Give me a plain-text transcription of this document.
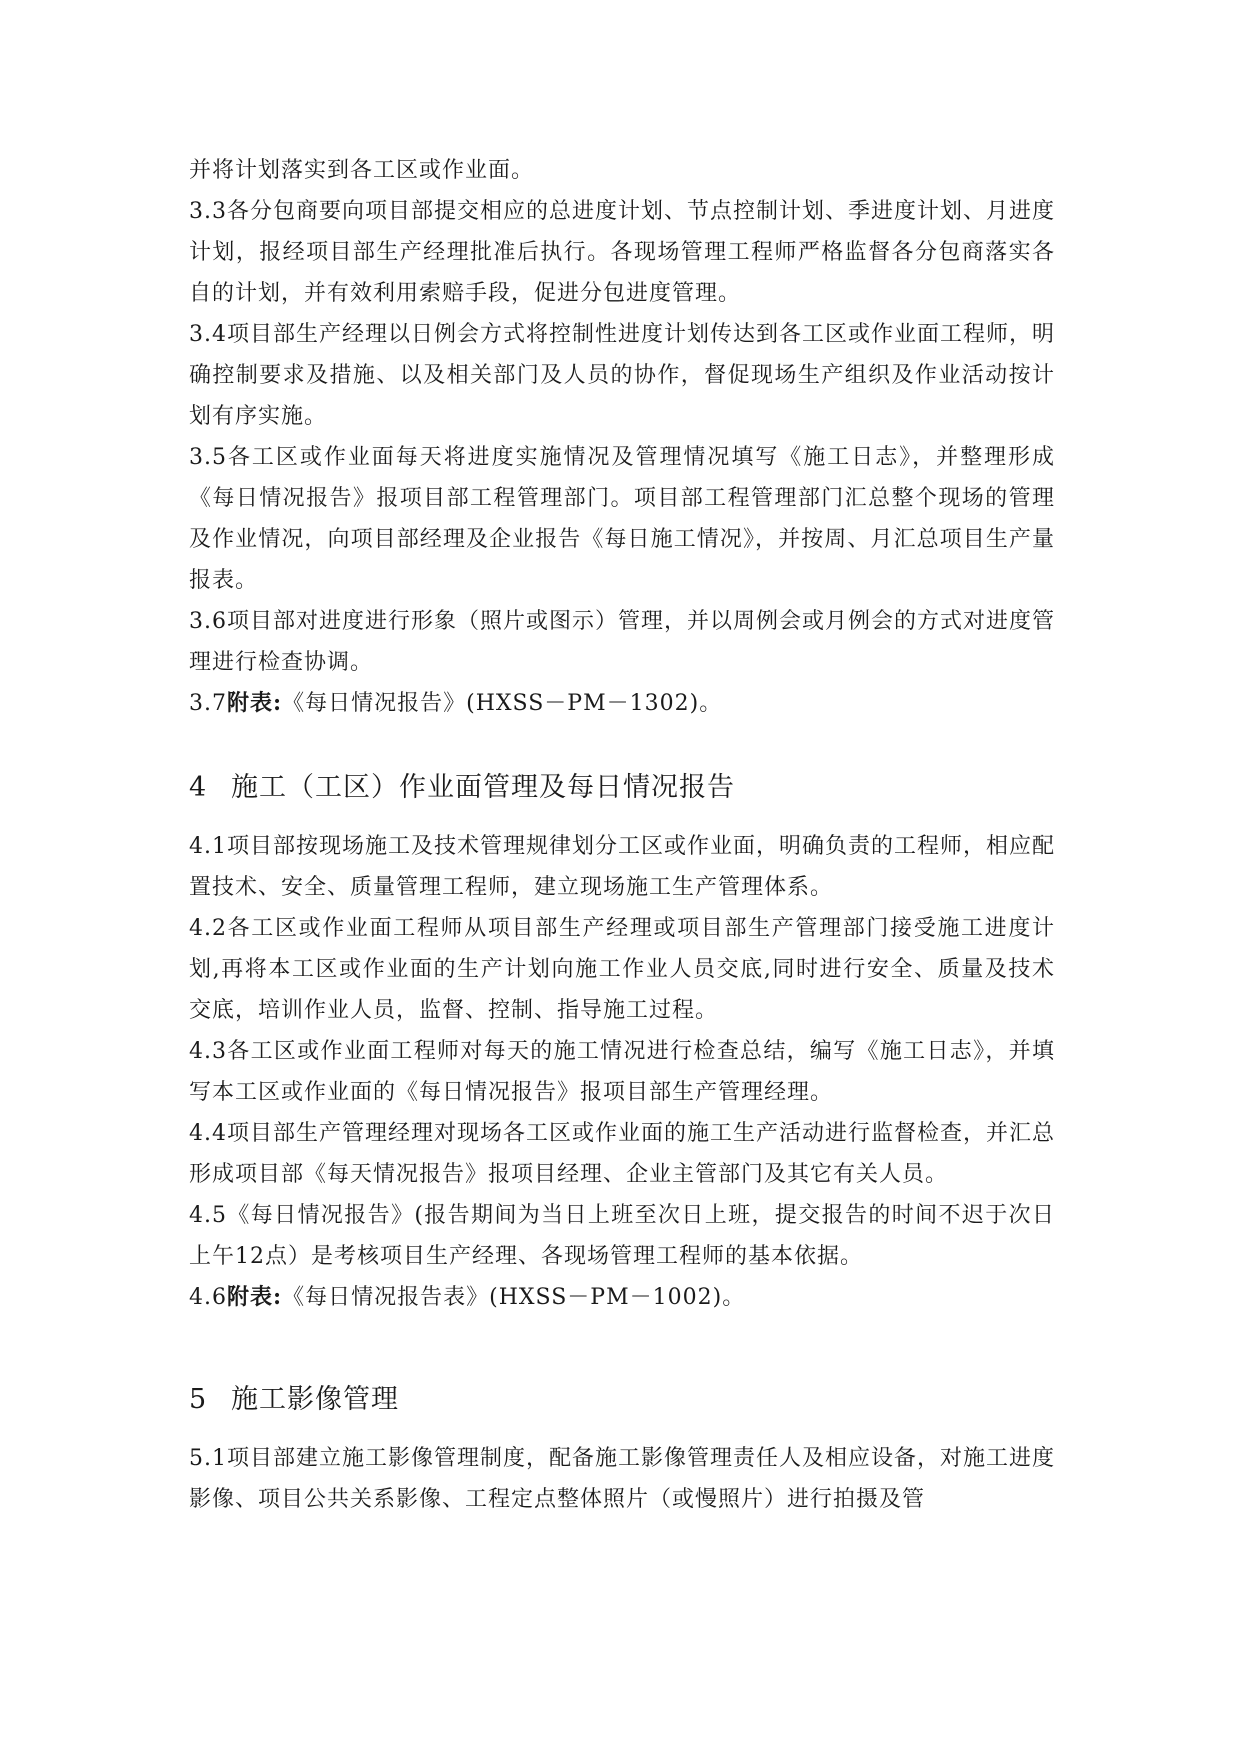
并将计划落实到各工区或作业面。

3.3各分包商要向项目部提交相应的总进度计划、节点控制计划、季进度计划、月进度计划，报经项目部生产经理批准后执行。各现场管理工程师严格监督各分包商落实各自的计划，并有效利用索赔手段，促进分包进度管理。

3.4项目部生产经理以日例会方式将控制性进度计划传达到各工区或作业面工程师，明确控制要求及措施、以及相关部门及人员的协作，督促现场生产组织及作业活动按计划有序实施。

3.5各工区或作业面每天将进度实施情况及管理情况填写《施工日志》，并整理形成《每日情况报告》报项目部工程管理部门。项目部工程管理部门汇总整个现场的管理及作业情况，向项目部经理及企业报告《每日施工情况》，并按周、月汇总项目生产量报表。

3.6项目部对进度进行形象（照片或图示）管理，并以周例会或月例会的方式对进度管理进行检查协调。

3.7附表:《每日情况报告》(HXSS－PM－1302)。

4 施工（工区）作业面管理及每日情况报告

4.1项目部按现场施工及技术管理规律划分工区或作业面，明确负责的工程师，相应配置技术、安全、质量管理工程师，建立现场施工生产管理体系。

4.2各工区或作业面工程师从项目部生产经理或项目部生产管理部门接受施工进度计划,再将本工区或作业面的生产计划向施工作业人员交底,同时进行安全、质量及技术交底，培训作业人员，监督、控制、指导施工过程。

4.3各工区或作业面工程师对每天的施工情况进行检查总结，编写《施工日志》，并填写本工区或作业面的《每日情况报告》报项目部生产管理经理。

4.4项目部生产管理经理对现场各工区或作业面的施工生产活动进行监督检查，并汇总形成项目部《每天情况报告》报项目经理、企业主管部门及其它有关人员。

4.5《每日情况报告》(报告期间为当日上班至次日上班，提交报告的时间不迟于次日上午12点）是考核项目生产经理、各现场管理工程师的基本依据。

4.6附表:《每日情况报告表》(HXSS－PM－1002)。

5 施工影像管理

5.1项目部建立施工影像管理制度，配备施工影像管理责任人及相应设备，对施工进度影像、项目公共关系影像、工程定点整体照片（或慢照片）进行拍摄及管
